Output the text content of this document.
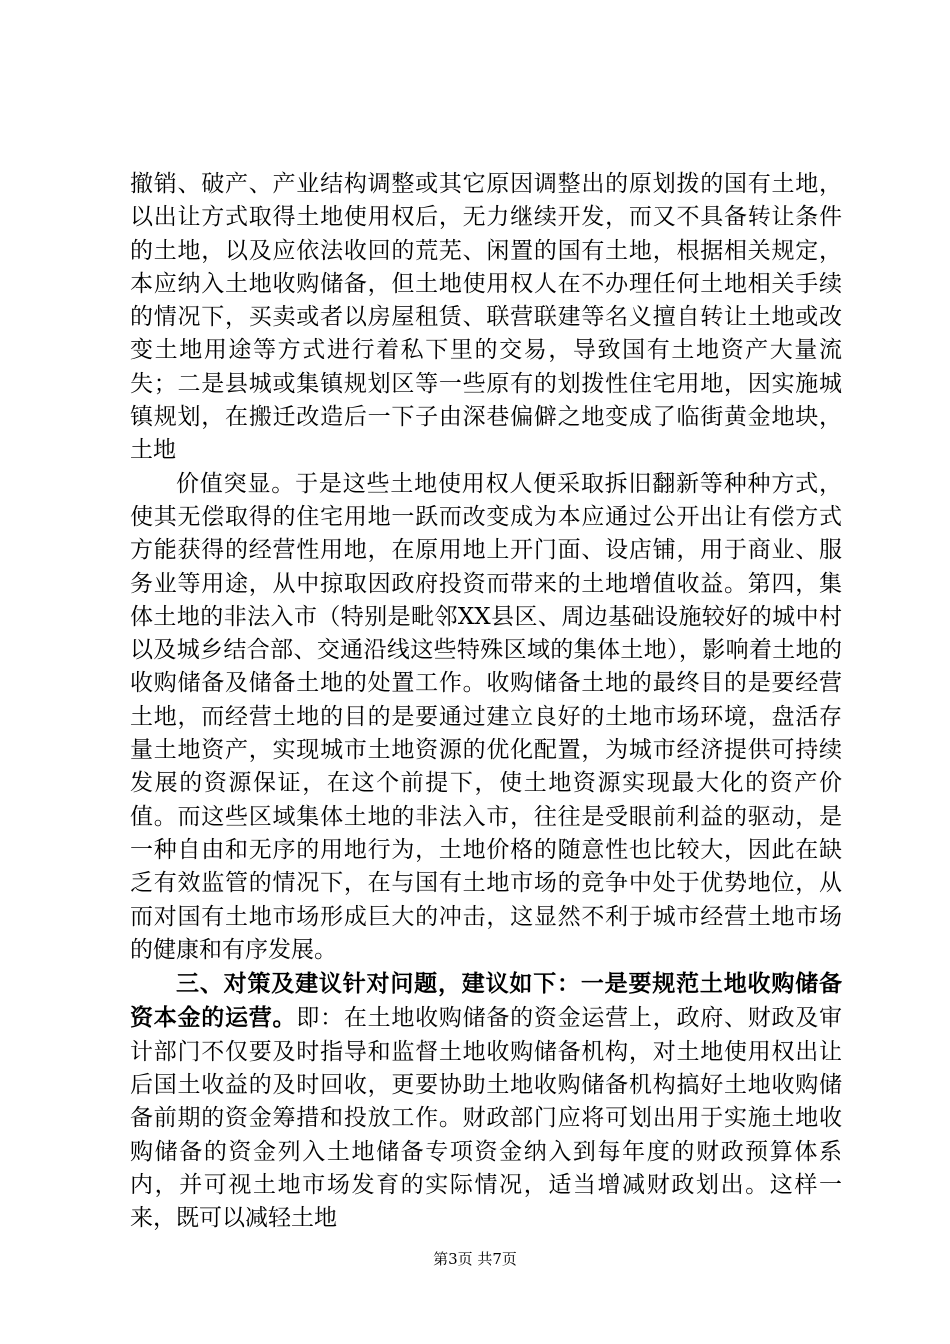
撤销、破产、产业结构调整或其它原因调整出的原划拨的国有土地，以出让方式取得土地使用权后，无力继续开发，而又不具备转让条件的土地，以及应依法收回的荒芜、闲置的国有土地，根据相关规定，本应纳入土地收购储备，但土地使用权人在不办理任何土地相关手续的情况下，买卖或者以房屋租赁、联营联建等名义擅自转让土地或改变土地用途等方式进行着私下里的交易，导致国有土地资产大量流失；二是县城或集镇规划区等一些原有的划拨性住宅用地，因实施城镇规划，在搬迁改造后一下子由深巷偏僻之地变成了临街黄金地块，土地

价值突显。于是这些土地使用权人便采取拆旧翻新等种种方式，使其无偿取得的住宅用地一跃而改变成为本应通过公开出让有偿方式方能获得的经营性用地，在原用地上开门面、设店铺，用于商业、服务业等用途，从中掠取因政府投资而带来的土地增值收益。第四，集体土地的非法入市（特别是毗邻XX县区、周边基础设施较好的城中村以及城乡结合部、交通沿线这些特殊区域的集体土地），影响着土地的收购储备及储备土地的处置工作。收购储备土地的最终目的是要经营土地，而经营土地的目的是要通过建立良好的土地市场环境，盘活存量土地资产，实现城市土地资源的优化配置，为城市经济提供可持续发展的资源保证，在这个前提下，使土地资源实现最大化的资产价值。而这些区域集体土地的非法入市，往往是受眼前利益的驱动，是一种自由和无序的用地行为，土地价格的随意性也比较大，因此在缺乏有效监管的情况下，在与国有土地市场的竞争中处于优势地位，从而对国有土地市场形成巨大的冲击，这显然不利于城市经营土地市场的健康和有序发展。

三、对策及建议针对问题，建议如下：一是要规范土地收购储备资本金的运营。即：在土地收购储备的资金运营上，政府、财政及审计部门不仅要及时指导和监督土地收购储备机构，对土地使用权出让后国土收益的及时回收，更要协助土地收购储备机构搞好土地收购储备前期的资金筹措和投放工作。财政部门应将可划出用于实施土地收购储备的资金列入土地储备专项资金纳入到每年度的财政预算体系内，并可视土地市场发育的实际情况，适当增减财政划出。这样一来，既可以减轻土地

第3页 共7页
